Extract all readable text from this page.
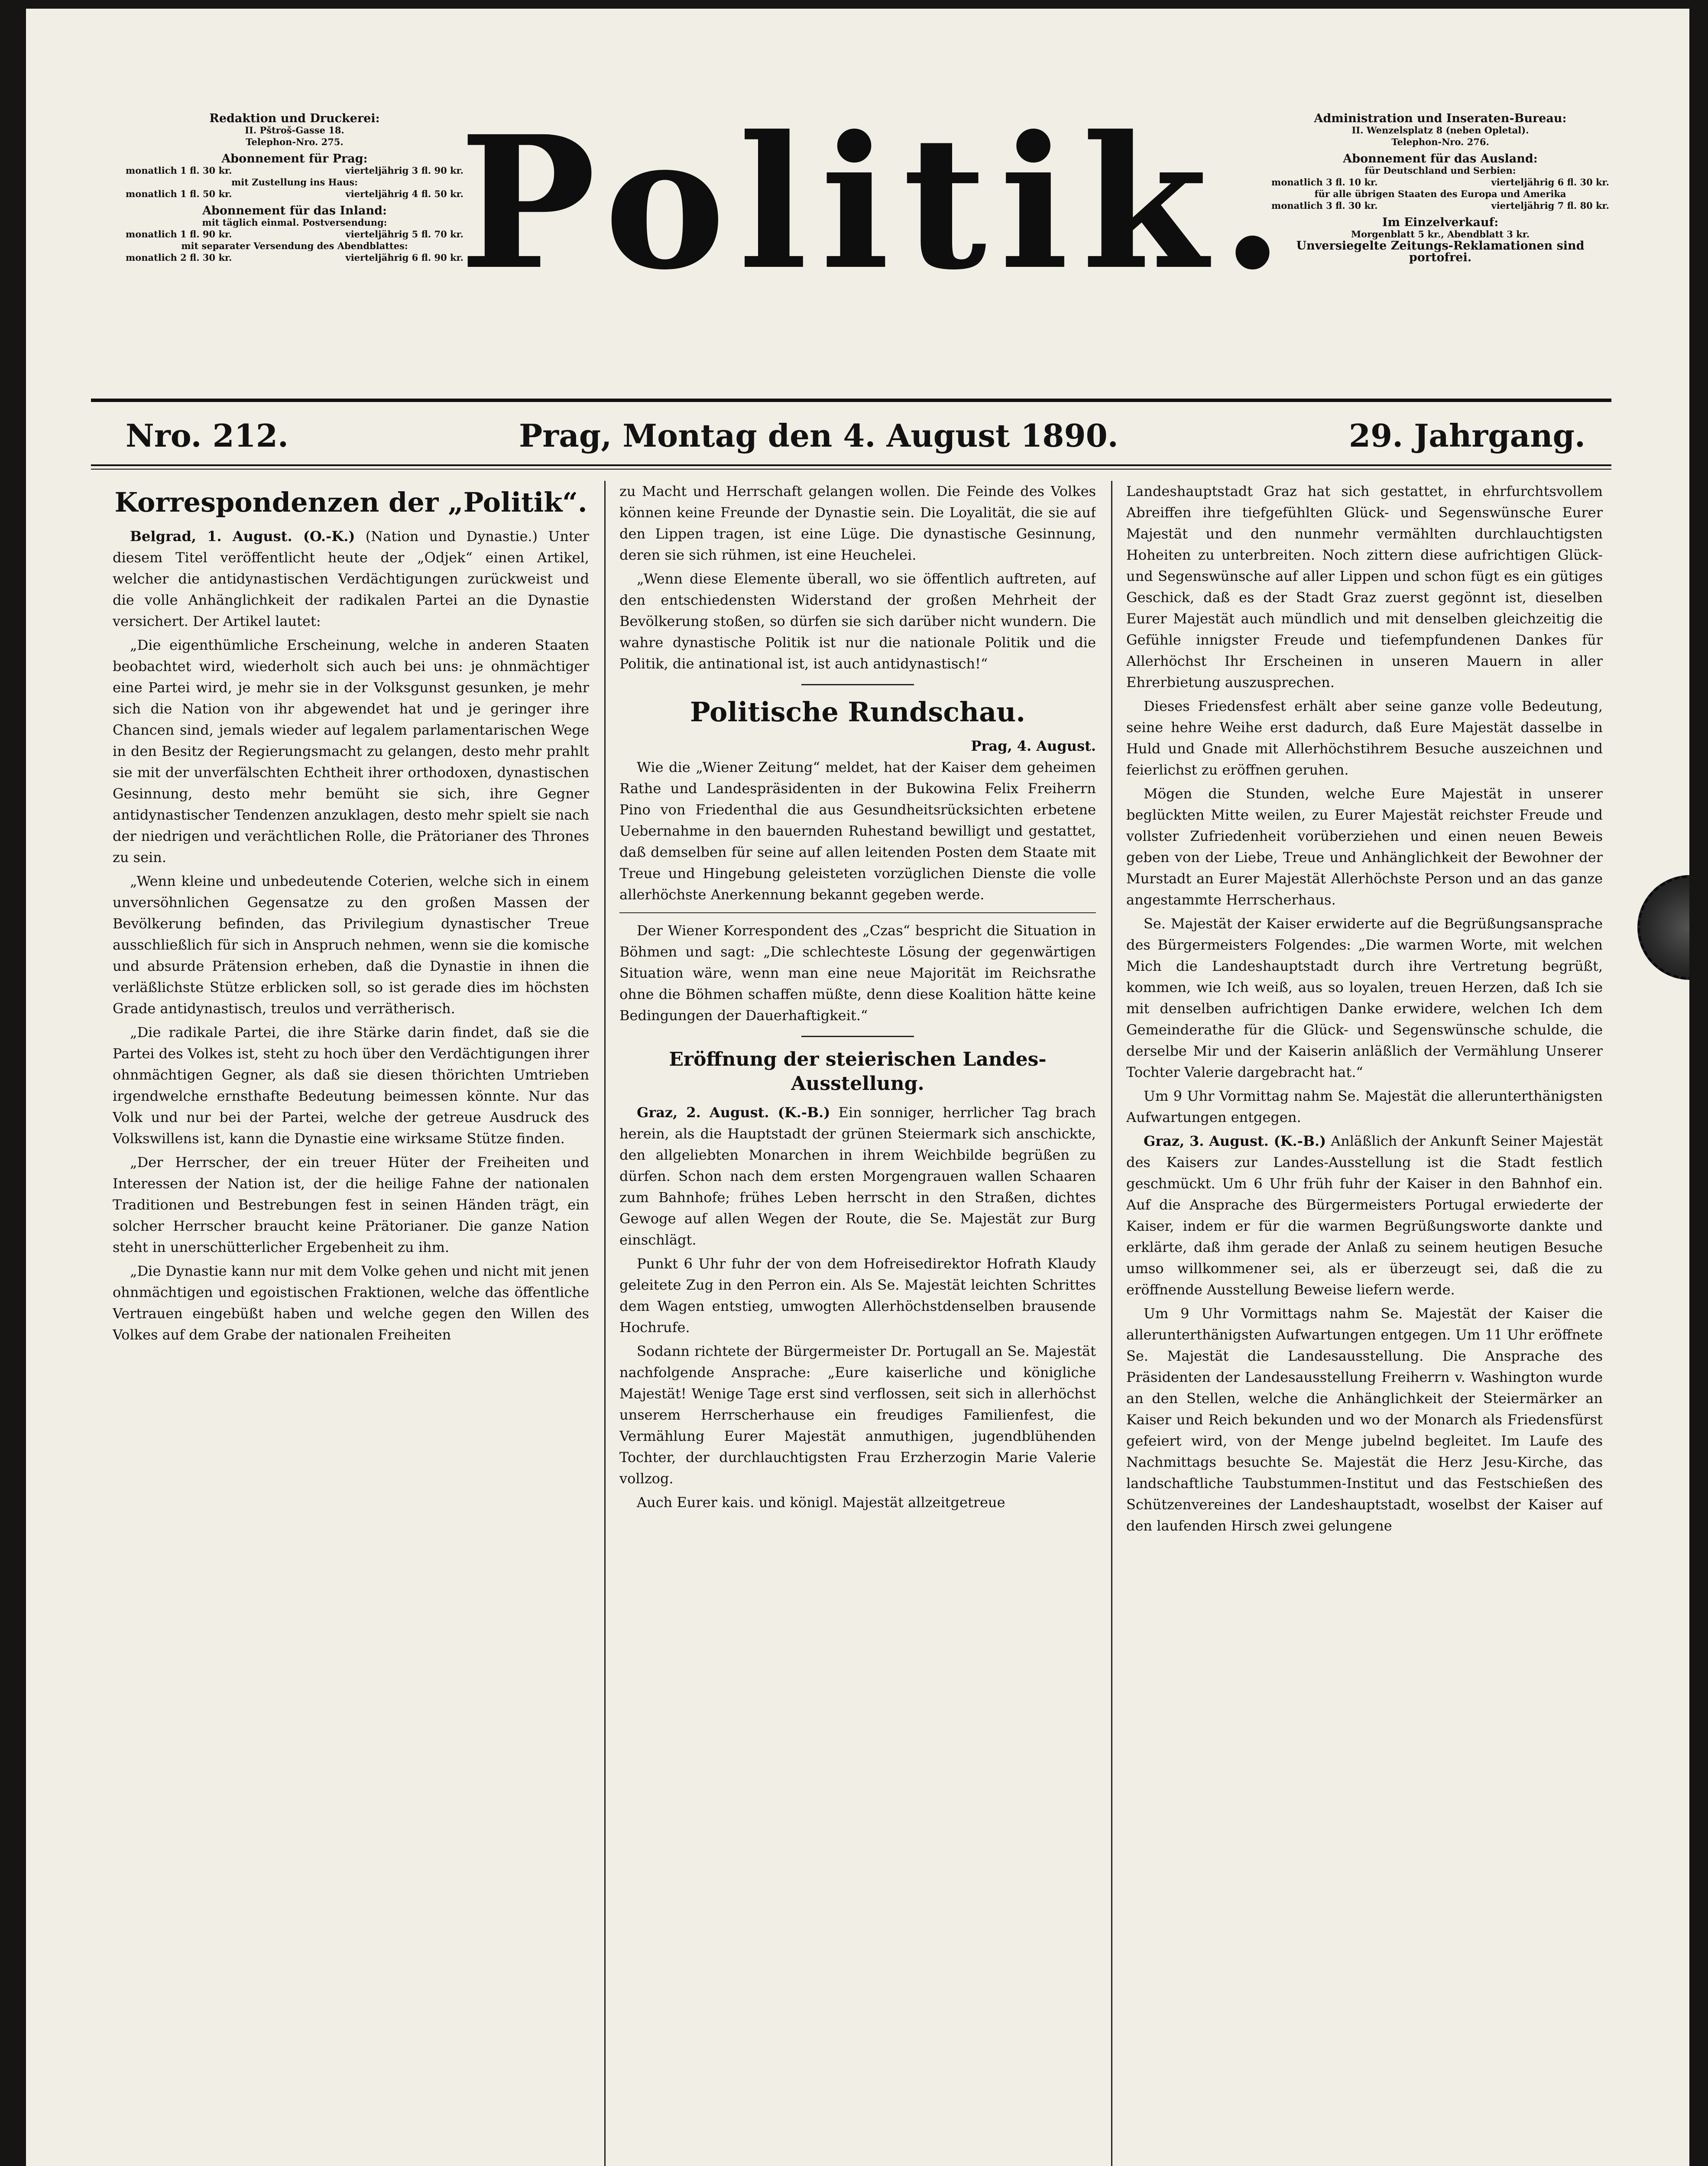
Redaktion und Druckerei:
II. Pštroš-Gasse 18.
Telephon-Nro. 275.
Abonnement für Prag:
monatlich 1 fl. 30 kr.	vierteljährig 3 fl. 90 kr.
mit Zustellung ins Haus:
monatlich 1 fl. 50 kr.	vierteljährig 4 fl. 50 kr.
Abonnement für das Inland:
mit täglich einmal. Postversendung:
monatlich 1 fl. 90 kr.	vierteljährig 5 fl. 70 kr.
mit separater Versendung des Abendblattes:
monatlich 2 fl. 30 kr.	vierteljährig 6 fl. 90 kr.
Politik.	Administration und Inseraten-Bureau:
II. Wenzelsplatz 8 (neben Opletal).
Telephon-Nro. 276.
Abonnement für das Ausland:
für Deutschland und Serbien:
monatlich 3 fl. 10 kr.	vierteljährig 6 fl. 30 kr.
für alle übrigen Staaten des Europa und Amerika
monatlich 3 fl. 30 kr.	vierteljährig 7 fl. 80 kr.
Im Einzelverkauf:
Morgenblatt 5 kr., Abendblatt 3 kr.
Unversiegelte Zeitungs-Reklamationen sind portofrei.
Nro. 212.	Prag, Montag den 4. August 1890.	29. Jahrgang.
Korrespondenzen der „Politik“.

Belgrad, 1. August. (O.-K.) (Nation und Dynastie.) Unter diesem Titel veröffentlicht heute der „Odjek“ einen Artikel, welcher die antidynastischen Verdächtigungen zurückweist und die volle Anhänglichkeit der radikalen Partei an die Dynastie versichert. Der Artikel lautet:

„Die eigenthümliche Erscheinung, welche in anderen Staaten beobachtet wird, wiederholt sich auch bei uns: je ohnmächtiger eine Partei wird, je mehr sie in der Volksgunst gesunken, je mehr sich die Nation von ihr abgewendet hat und je geringer ihre Chancen sind, jemals wieder auf legalem parlamentarischen Wege in den Besitz der Regierungsmacht zu gelangen, desto mehr prahlt sie mit der unverfälschten Echtheit ihrer orthodoxen, dynastischen Gesinnung, desto mehr bemüht sie sich, ihre Gegner antidynastischer Tendenzen anzuklagen, desto mehr spielt sie nach der niedrigen und verächtlichen Rolle, die Prätorianer des Thrones zu sein.

„Wenn kleine und unbedeutende Coterien, welche sich in einem unversöhnlichen Gegensatze zu den großen Massen der Bevölkerung befinden, das Privilegium dynastischer Treue ausschließlich für sich in Anspruch nehmen, wenn sie die komische und absurde Prätension erheben, daß die Dynastie in ihnen die verläßlichste Stütze erblicken soll, so ist gerade dies im höchsten Grade antidynastisch, treulos und verrätherisch.

„Die radikale Partei, die ihre Stärke darin findet, daß sie die Partei des Volkes ist, steht zu hoch über den Verdächtigungen ihrer ohnmächtigen Gegner, als daß sie diesen thörichten Umtrieben irgendwelche ernsthafte Bedeutung beimessen könnte. Nur das Volk und nur bei der Partei, welche der getreue Ausdruck des Volkswillens ist, kann die Dynastie eine wirksame Stütze finden.

„Der Herrscher, der ein treuer Hüter der Freiheiten und Interessen der Nation ist, der die heilige Fahne der nationalen Traditionen und Bestrebungen fest in seinen Händen trägt, ein solcher Herrscher braucht keine Prätorianer. Die ganze Nation steht in unerschütterlicher Ergebenheit zu ihm.

„Die Dynastie kann nur mit dem Volke gehen und nicht mit jenen ohnmächtigen und egoistischen Fraktionen, welche das öffentliche Vertrauen eingebüßt haben und welche gegen den Willen des Volkes auf dem Grabe der nationalen Freiheiten

zu Macht und Herrschaft gelangen wollen. Die Feinde des Volkes können keine Freunde der Dynastie sein. Die Loyalität, die sie auf den Lippen tragen, ist eine Lüge. Die dynastische Gesinnung, deren sie sich rühmen, ist eine Heuchelei.

„Wenn diese Elemente überall, wo sie öffentlich auftreten, auf den entschiedensten Widerstand der großen Mehrheit der Bevölkerung stoßen, so dürfen sie sich darüber nicht wundern. Die wahre dynastische Politik ist nur die nationale Politik und die Politik, die antinational ist, ist auch antidynastisch!“

Politische Rundschau.
Prag, 4. August.

Wie die „Wiener Zeitung“ meldet, hat der Kaiser dem geheimen Rathe und Landespräsidenten in der Bukowina Felix Freiherrn Pino von Friedenthal die aus Gesundheitsrücksichten erbetene Uebernahme in den bauernden Ruhestand bewilligt und gestattet, daß demselben für seine auf allen leitenden Posten dem Staate mit Treue und Hingebung geleisteten vorzüglichen Dienste die volle allerhöchste Anerkennung bekannt gegeben werde.

Der Wiener Korrespondent des „Czas“ bespricht die Situation in Böhmen und sagt: „Die schlechteste Lösung der gegenwärtigen Situation wäre, wenn man eine neue Majorität im Reichsrathe ohne die Böhmen schaffen müßte, denn diese Koalition hätte keine Bedingungen der Dauerhaftigkeit.“

Eröffnung der steierischen Landes-Ausstellung.

Graz, 2. August. (K.-B.) Ein sonniger, herrlicher Tag brach herein, als die Hauptstadt der grünen Steiermark sich anschickte, den allgeliebten Monarchen in ihrem Weichbilde begrüßen zu dürfen. Schon nach dem ersten Morgengrauen wallen Schaaren zum Bahnhofe; frühes Leben herrscht in den Straßen, dichtes Gewoge auf allen Wegen der Route, die Se. Majestät zur Burg einschlägt.

Punkt 6 Uhr fuhr der von dem Hofreisedirektor Hofrath Klaudy geleitete Zug in den Perron ein. Als Se. Majestät leichten Schrittes dem Wagen entstieg, umwogten Allerhöchstdenselben brausende Hochrufe.

Sodann richtete der Bürgermeister Dr. Portugall an Se. Majestät nachfolgende Ansprache: „Eure kaiserliche und königliche Majestät! Wenige Tage erst sind verflossen, seit sich in allerhöchst unserem Herrscherhause ein freudiges Familienfest, die Vermählung Eurer Majestät anmuthigen, jugendblühenden Tochter, der durchlauchtigsten Frau Erzherzogin Marie Valerie vollzog.

Auch Eurer kais. und königl. Majestät allzeitgetreue

Landeshauptstadt Graz hat sich gestattet, in ehrfurchtsvollem Abreiffen ihre tiefgefühlten Glück- und Segenswünsche Eurer Majestät und den nunmehr vermählten durchlauchtigsten Hoheiten zu unterbreiten. Noch zittern diese aufrichtigen Glück- und Segenswünsche auf aller Lippen und schon fügt es ein gütiges Geschick, daß es der Stadt Graz zuerst gegönnt ist, dieselben Eurer Majestät auch mündlich und mit denselben gleichzeitig die Gefühle innigster Freude und tiefempfundenen Dankes für Allerhöchst Ihr Erscheinen in unseren Mauern in aller Ehrerbietung auszusprechen.

Dieses Friedensfest erhält aber seine ganze volle Bedeutung, seine hehre Weihe erst dadurch, daß Eure Majestät dasselbe in Huld und Gnade mit Allerhöchstihrem Besuche auszeichnen und feierlichst zu eröffnen geruhen.

Mögen die Stunden, welche Eure Majestät in unserer beglückten Mitte weilen, zu Eurer Majestät reichster Freude und vollster Zufriedenheit vorüberziehen und einen neuen Beweis geben von der Liebe, Treue und Anhänglichkeit der Bewohner der Murstadt an Eurer Majestät Allerhöchste Person und an das ganze angestammte Herrscherhaus.

Se. Majestät der Kaiser erwiderte auf die Begrüßungsansprache des Bürgermeisters Folgendes: „Die warmen Worte, mit welchen Mich die Landeshauptstadt durch ihre Vertretung begrüßt, kommen, wie Ich weiß, aus so loyalen, treuen Herzen, daß Ich sie mit denselben aufrichtigen Danke erwidere, welchen Ich dem Gemeinderathe für die Glück- und Segenswünsche schulde, die derselbe Mir und der Kaiserin anläßlich der Vermählung Unserer Tochter Valerie dargebracht hat.“

Um 9 Uhr Vormittag nahm Se. Majestät die allerunterthänigsten Aufwartungen entgegen.

Graz, 3. August. (K.-B.) Anläßlich der Ankunft Seiner Majestät des Kaisers zur Landes-Ausstellung ist die Stadt festlich geschmückt. Um 6 Uhr früh fuhr der Kaiser in den Bahnhof ein. Auf die Ansprache des Bürgermeisters Portugal erwiederte der Kaiser, indem er für die warmen Begrüßungsworte dankte und erklärte, daß ihm gerade der Anlaß zu seinem heutigen Besuche umso willkommener sei, als er überzeugt sei, daß die zu eröffnende Ausstellung Beweise liefern werde.

Um 9 Uhr Vormittags nahm Se. Majestät der Kaiser die allerunterthänigsten Aufwartungen entgegen. Um 11 Uhr eröffnete Se. Majestät die Landesausstellung. Die Ansprache des Präsidenten der Landesausstellung Freiherrn v. Washington wurde an den Stellen, welche die Anhänglichkeit der Steiermärker an Kaiser und Reich bekunden und wo der Monarch als Friedensfürst gefeiert wird, von der Menge jubelnd begleitet. Im Laufe des Nachmittags besuchte Se. Majestät die Herz Jesu-Kirche, das landschaftliche Taubstummen-Institut und das Festschießen des Schützenvereines der Landeshauptstadt, woselbst der Kaiser auf den laufenden Hirsch zwei gelungene
